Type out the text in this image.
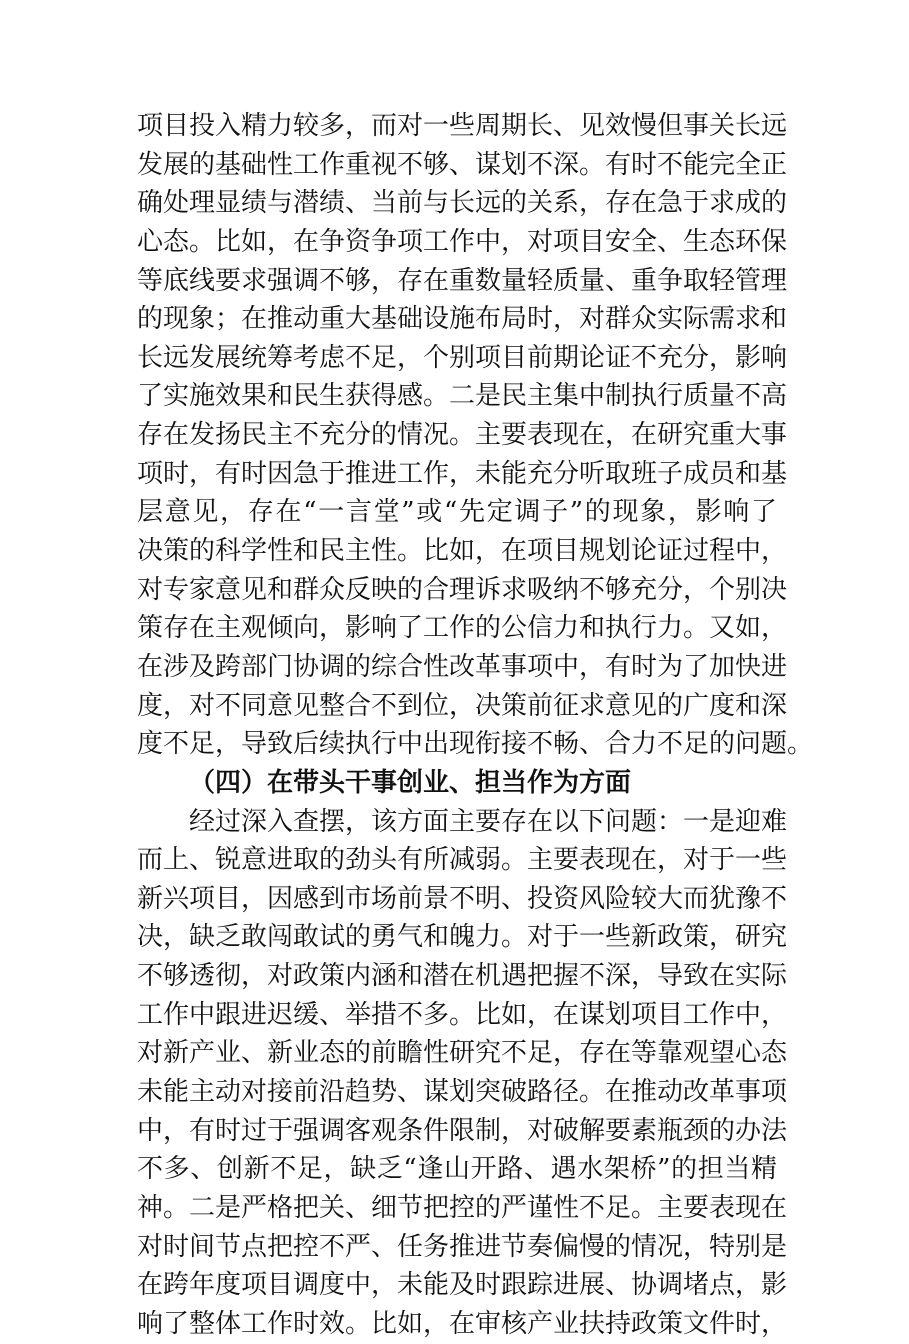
项目投入精力较多，而对一些周期长、见效慢但事关长远
发展的基础性工作重视不够、谋划不深。有时不能完全正
确处理显绩与潜绩、当前与长远的关系，存在急于求成的
心态。比如，在争资争项工作中，对项目安全、生态环保
等底线要求强调不够，存在重数量轻质量、重争取轻管理
的现象；在推动重大基础设施布局时，对群众实际需求和
长远发展统筹考虑不足，个别项目前期论证不充分，影响
了实施效果和民生获得感。二是民主集中制执行质量不高
存在发扬民主不充分的情况。主要表现在，在研究重大事
项时，有时因急于推进工作，未能充分听取班子成员和基
层意见，存在“一言堂”或“先定调子”的现象，影响了
决策的科学性和民主性。比如，在项目规划论证过程中，
对专家意见和群众反映的合理诉求吸纳不够充分，个别决
策存在主观倾向，影响了工作的公信力和执行力。又如，
在涉及跨部门协调的综合性改革事项中，有时为了加快进
度，对不同意见整合不到位，决策前征求意见的广度和深
度不足，导致后续执行中出现衔接不畅、合力不足的问题。
（四）在带头干事创业、担当作为方面
经过深入查摆，该方面主要存在以下问题：一是迎难
而上、锐意进取的劲头有所减弱。主要表现在，对于一些
新兴项目，因感到市场前景不明、投资风险较大而犹豫不
决，缺乏敢闯敢试的勇气和魄力。对于一些新政策，研究
不够透彻，对政策内涵和潜在机遇把握不深，导致在实际
工作中跟进迟缓、举措不多。比如，在谋划项目工作中，
对新产业、新业态的前瞻性研究不足，存在等靠观望心态
未能主动对接前沿趋势、谋划突破路径。在推动改革事项
中，有时过于强调客观条件限制，对破解要素瓶颈的办法
不多、创新不足，缺乏“逢山开路、遇水架桥”的担当精
神。二是严格把关、细节把控的严谨性不足。主要表现在
对时间节点把控不严、任务推进节奏偏慢的情况，特别是
在跨年度项目调度中，未能及时跟踪进展、协调堵点，影
响了整体工作时效。比如，在审核产业扶持政策文件时，
